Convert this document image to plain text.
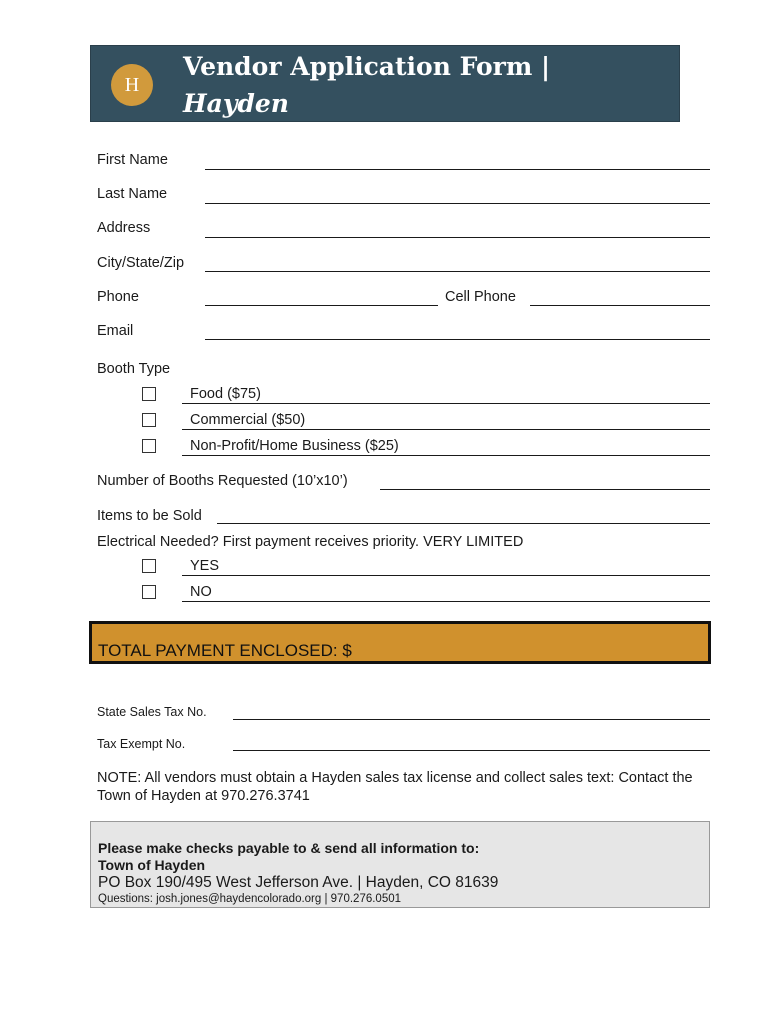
H
Vendor Application Form | Hayden
Daze
First Name
Last Name
Address
City/State/Zip
Phone	Cell Phone
Email
Booth Type
Food ($75)
Commercial ($50)
Non-Profit/Home Business ($25)
Number of Booths Requested (10’x10’)
Items to be Sold
Electrical Needed? First payment receives priority. VERY LIMITED
YES
NO
TOTAL PAYMENT ENCLOSED: $
State Sales Tax No.
Tax Exempt No.
NOTE: All vendors must obtain a Hayden sales tax license and collect sales text: Contact the Town of Hayden at 970.276.3741
Please make checks payable to & send all information to:
Town of Hayden
PO Box 190/495 West Jefferson Ave. | Hayden, CO 81639
Questions: josh.jones@haydencolorado.org | 970.276.0501
